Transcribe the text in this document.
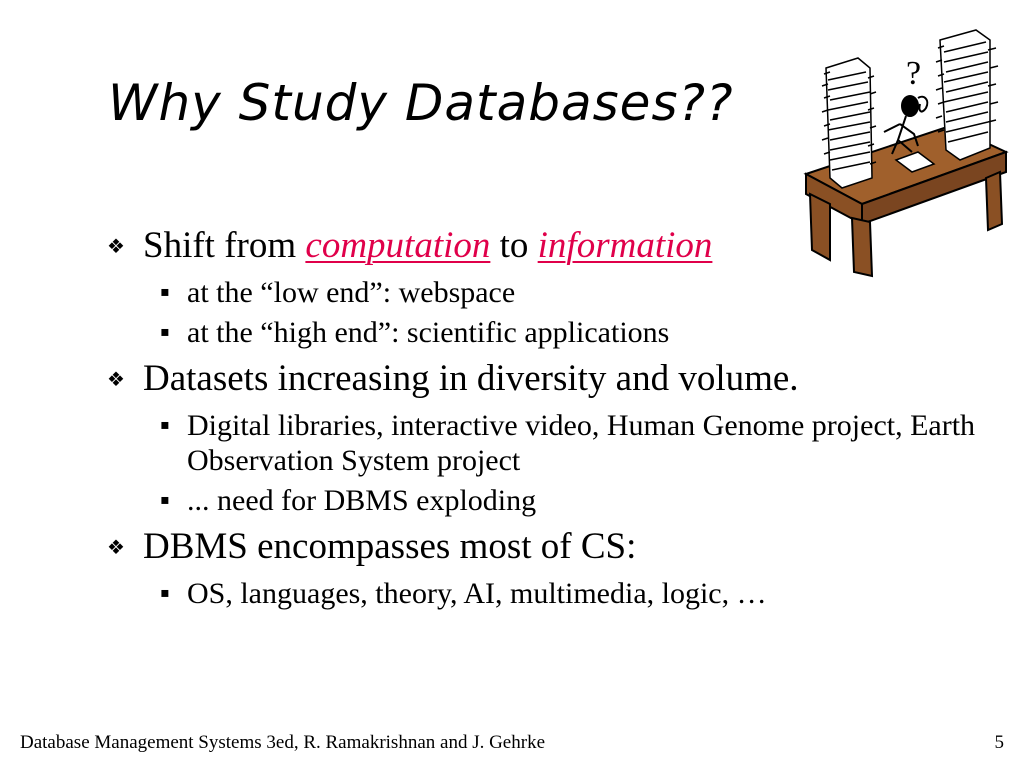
Why Study Databases??
?
❖ Shift from computation to information
▪ at the “low end”: webspace
▪ at the “high end”: scientific applications
❖ Datasets increasing in diversity and volume.
▪ Digital libraries, interactive video, Human Genome project, Earth Observation System project
▪ ... need for DBMS exploding
❖ DBMS encompasses most of CS:
▪ OS, languages, theory, AI, multimedia, logic, …
Database Management Systems 3ed, R. Ramakrishnan and J. Gehrke	5
